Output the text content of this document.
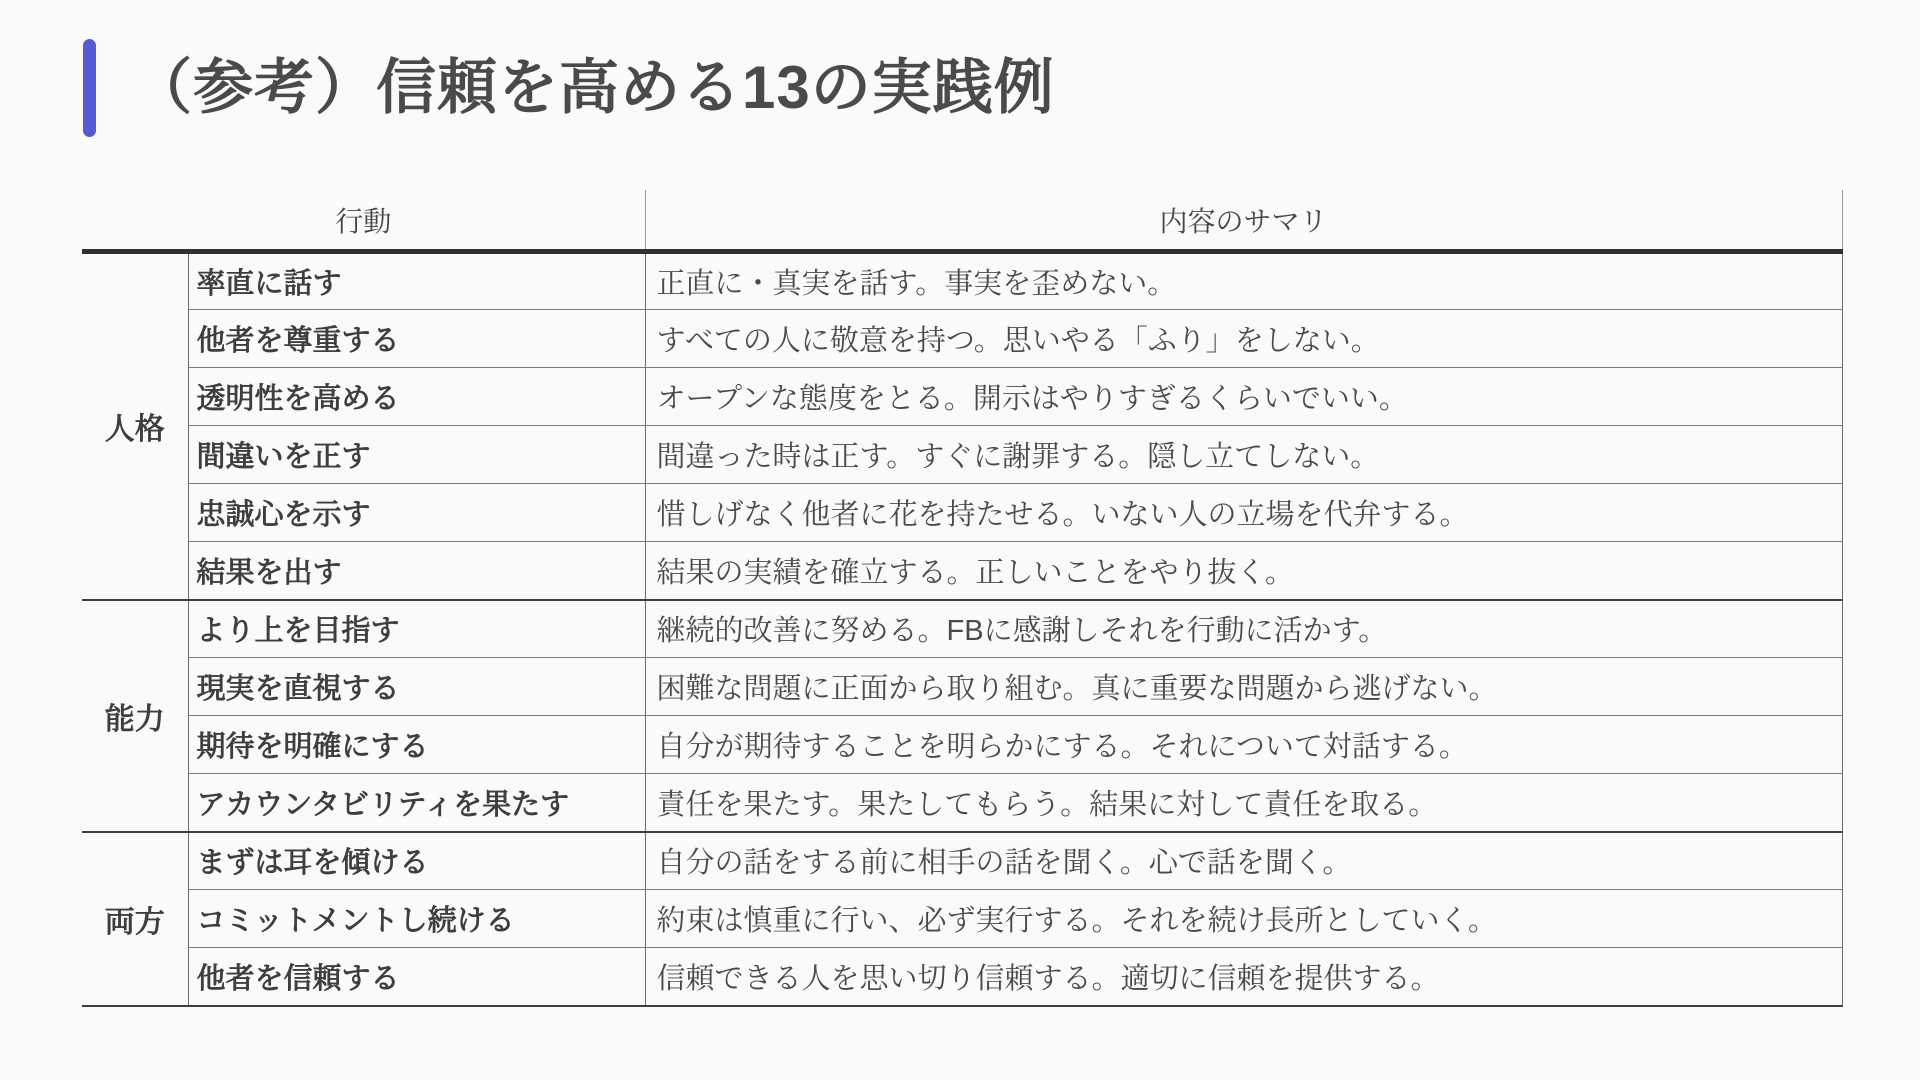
（参考）信頼を高める13の実践例
行動		内容のサマリ
人格	率直に話す	正直に・真実を話す。事実を歪めない。
	他者を尊重する	すべての人に敬意を持つ。思いやる「ふり」をしない。
	透明性を高める	オープンな態度をとる。開示はやりすぎるくらいでいい。
	間違いを正す	間違った時は正す。すぐに謝罪する。隠し立てしない。
	忠誠心を示す	惜しげなく他者に花を持たせる。いない人の立場を代弁する。
	結果を出す	結果の実績を確立する。正しいことをやり抜く。
能力	より上を目指す	継続的改善に努める。FBに感謝しそれを行動に活かす。
	現実を直視する	困難な問題に正面から取り組む。真に重要な問題から逃げない。
	期待を明確にする	自分が期待することを明らかにする。それについて対話する。
	アカウンタビリティを果たす	責任を果たす。果たしてもらう。結果に対して責任を取る。
両方	まずは耳を傾ける	自分の話をする前に相手の話を聞く。心で話を聞く。
	コミットメントし続ける	約束は慎重に行い、必ず実行する。それを続け長所としていく。
	他者を信頼する	信頼できる人を思い切り信頼する。適切に信頼を提供する。
